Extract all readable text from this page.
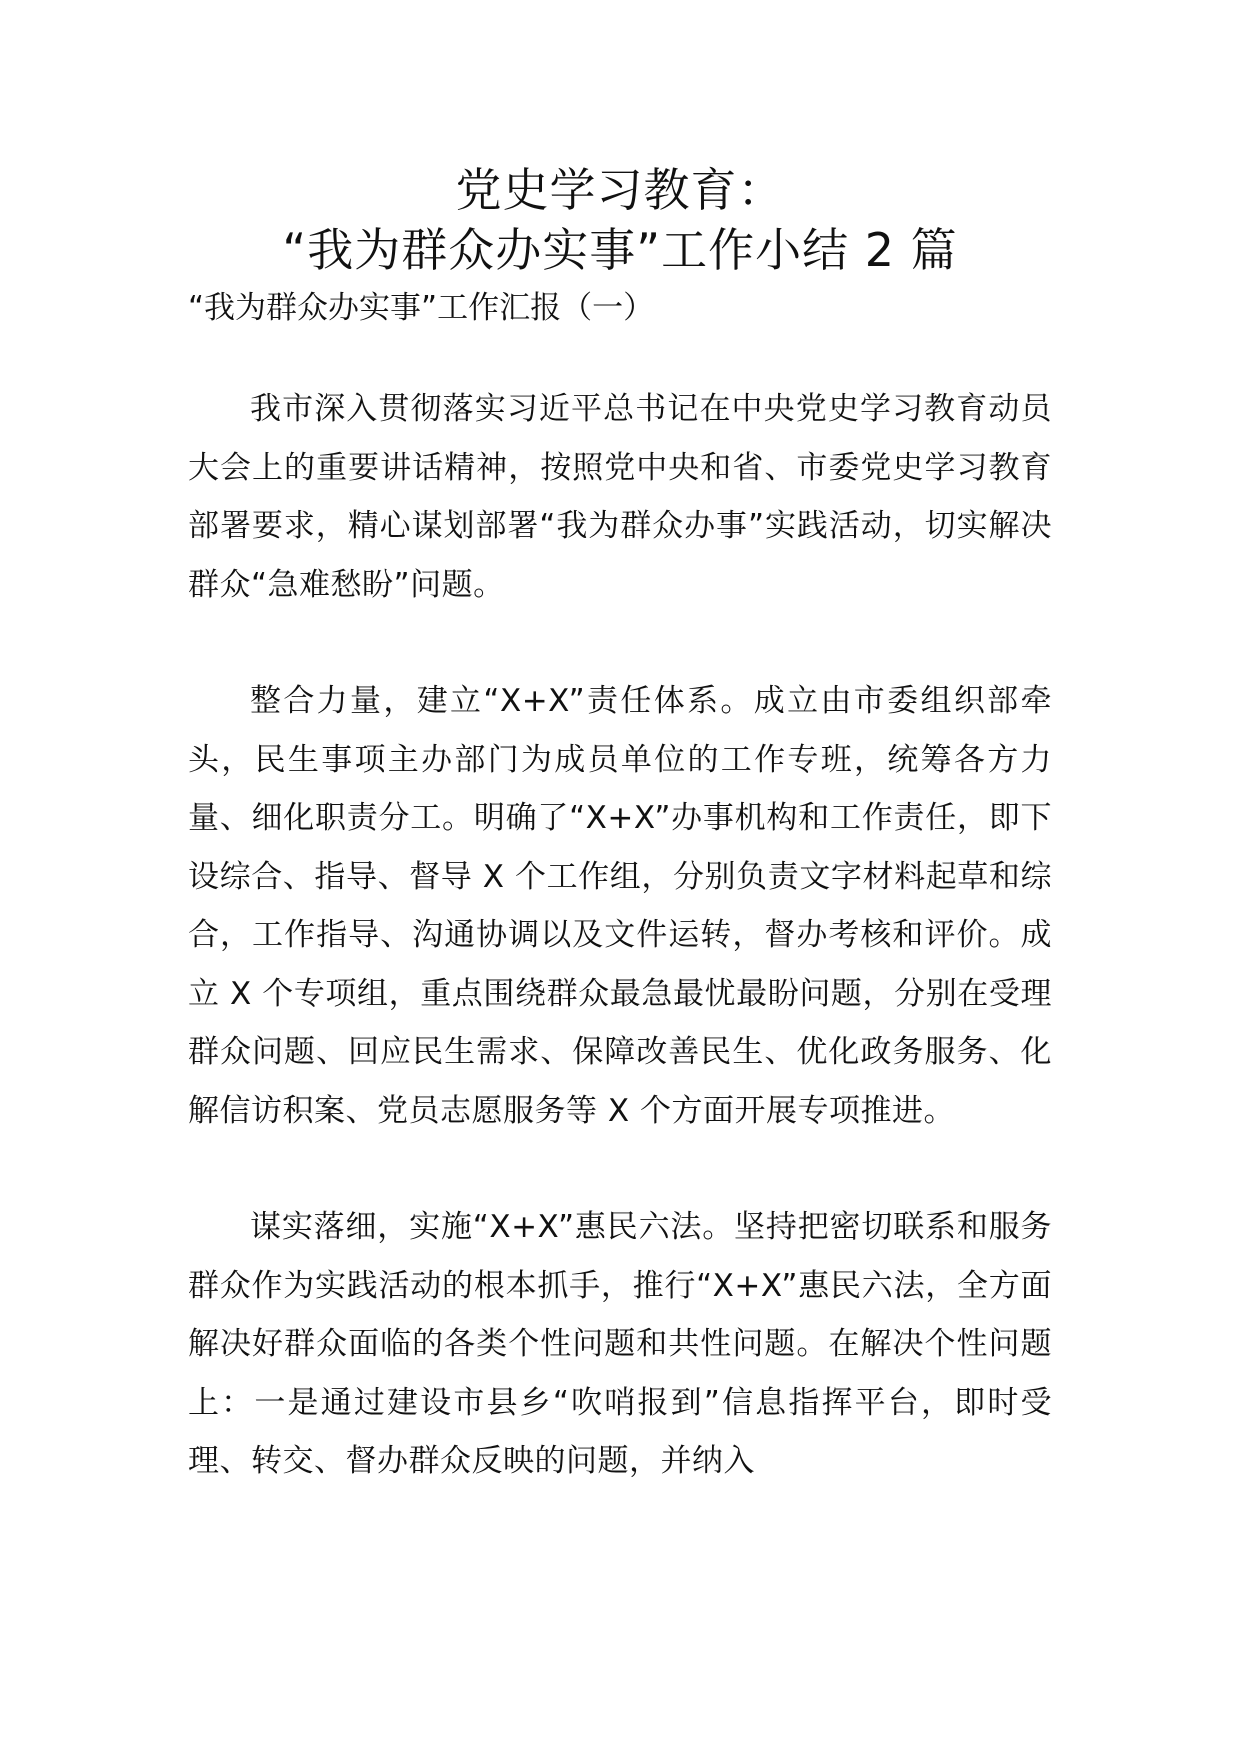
党史学习教育：
“我为群众办实事”工作小结 2 篇

“我为群众办实事”工作汇报（一）

我市深入贯彻落实习近平总书记在中央党史学习教育动员大会上的重要讲话精神，按照党中央和省、市委党史学习教育部署要求，精心谋划部署“我为群众办事”实践活动，切实解决群众“急难愁盼”问题。

整合力量，建立“X+X”责任体系。成立由市委组织部牵头，民生事项主办部门为成员单位的工作专班，统筹各方力量、细化职责分工。明确了“X+X”办事机构和工作责任，即下设综合、指导、督导 X 个工作组，分别负责文字材料起草和综合，工作指导、沟通协调以及文件运转，督办考核和评价。成立 X 个专项组，重点围绕群众最急最忧最盼问题，分别在受理群众问题、回应民生需求、保障改善民生、优化政务服务、化解信访积案、党员志愿服务等 X 个方面开展专项推进。

谋实落细，实施“X+X”惠民六法。坚持把密切联系和服务群众作为实践活动的根本抓手，推行“X+X”惠民六法，全方面解决好群众面临的各类个性问题和共性问题。在解决个性问题上：一是通过建设市县乡“吹哨报到”信息指挥平台，即时受理、转交、督办群众反映的问题，并纳入
